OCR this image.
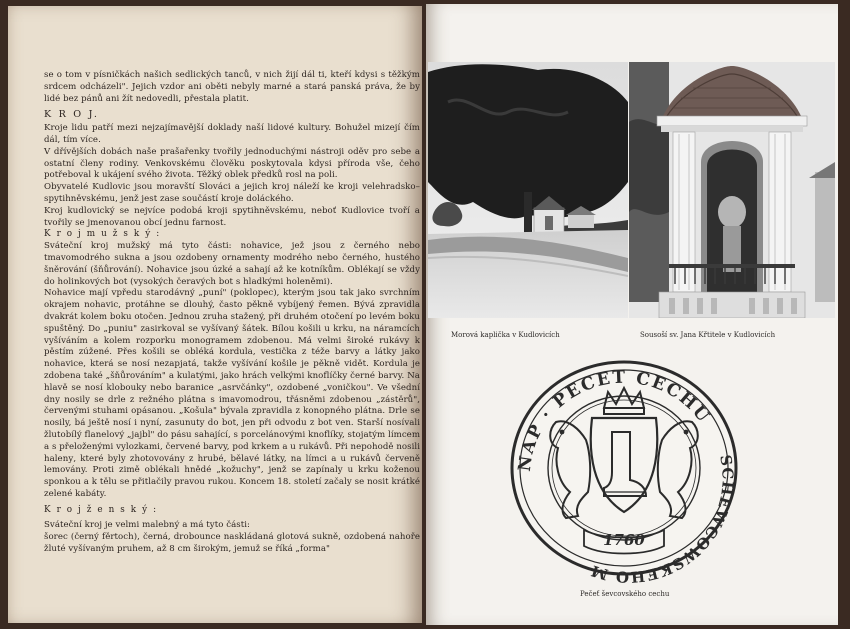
se o tom v písničkách našich sedlických tanců, v nich žijí dál ti, kteří kdysi s těžkým srdcem odcházeli". Jejich vzdor ani oběti nebyly marné a stará panská práva, že by lidé bez pánů ani žít nedovedli, přestala platit.

K R O J.

Kroje lidu patří mezi nejzajímavější doklady naší lidové kultury. Bohužel mizejí čím dál, tím více.

V dřívějších dobách naše prašařenky tvořily jednoduchými nástroji oděv pro sebe a ostatní členy rodiny. Venkovskému člověku poskytovala kdysi příroda vše, čeho potřeboval k ukájení svého života. Těžký oblek předků rosl na poli.

Obyvatelé Kudlovic jsou moravští Slováci a jejich kroj náleží ke kroji velehradsko–spytihněvskému, jenž jest zase součástí kroje doláckého.

Kroj kudlovický se nejvíce podobá kroji spytihněvskému, neboť Kudlovice tvoří a tvořily se jmenovanou obcí jednu farnost.

K r o j m u ž s k ý :

Sváteční kroj mužský má tyto části: nohavice, jež jsou z černého nebo tmavomodrého sukna a jsou ozdobeny ornamenty modrého nebo černého, hustého šněrování (šňůrování). Nohavice jsou úzké a sahají až ke kotníkům. Oblékají se vždy do holinkových bot (vysokých čeravých bot s hladkými holeněmi).

Nohavice mají vpředu starodávný „puní" (poklopec), kterým jsou tak jako svrchním okrajem nohavic, protáhne se dlouhý, často pěkně vybíjený řemen. Bývá zpravidla dvakrát kolem boku otočen. Jednou zruha stažený, při druhém otočení po levém boku spuštěný. Do „puniu" zasirkoval se vyšívaný šátek. Bílou košili u krku, na náramcích vyšíváním a kolem rozporku monogramem zdobenou. Má velmi široké rukávy k pěstím zúžené. Přes košili se obléká kordula, vestička z téže barvy a látky jako nohavice, která se nosí nezapjatá, takže vyšívání košile je pěkně vidět. Kordula je zdobena také „šňůrováním" a kulatými, jako hrách velkými knoflíčky černé barvy. Na hlavě se nosí klobouky nebo baranice „asrvčánky", ozdobené „voničkou". Ve všední dny nosily se drle z režného plátna s imavomodrou, třásněmi zdobenou „zástěrů", červenými stuhami opásanou. „Košula" bývala zpravidla z konopného plátna. Drle se nosily, bá ještě nosí i nyní, zasunuty do bot, jen při odvodu z bot ven. Starší nosívali žlutobílý flanelový „jajbl" do pásu sahající, s porcelánovými knoflíky, stojatým límcem a s přeloženými vylozkami, červené barvy, pod krkem a u rukávů. Při nepohodě nosili halenу, které byly zhotovovány z hrubé, bělavé látky, na límci a u rukávů červeně lemovány. Proti zimě oblékali hnědé „kožuchy", jenž se zapínaly u krku koženou sponkou a k tělu se přitlačily pravou rukou. Koncem 18. století začaly se nosit krátké zelené kabáty.

K r o j ž e n s k ý :

Sváteční kroj je velmi malebný a má tyto části:

šorec (černý fěrtoch), černá, drobounce naskládaná glotová sukně, ozdobená nahoře žluté vyšívaným pruhem, až 8 cm širokým, jemuž se říká „forma"

Morová kaplička v Kudlovicích	Sousoší sv. Jana Křtitele v Kudlovicích
NAP · PECET CECHU
SCHEWCOWSKEHO M
1760
Pečeť ševcovského cechu
